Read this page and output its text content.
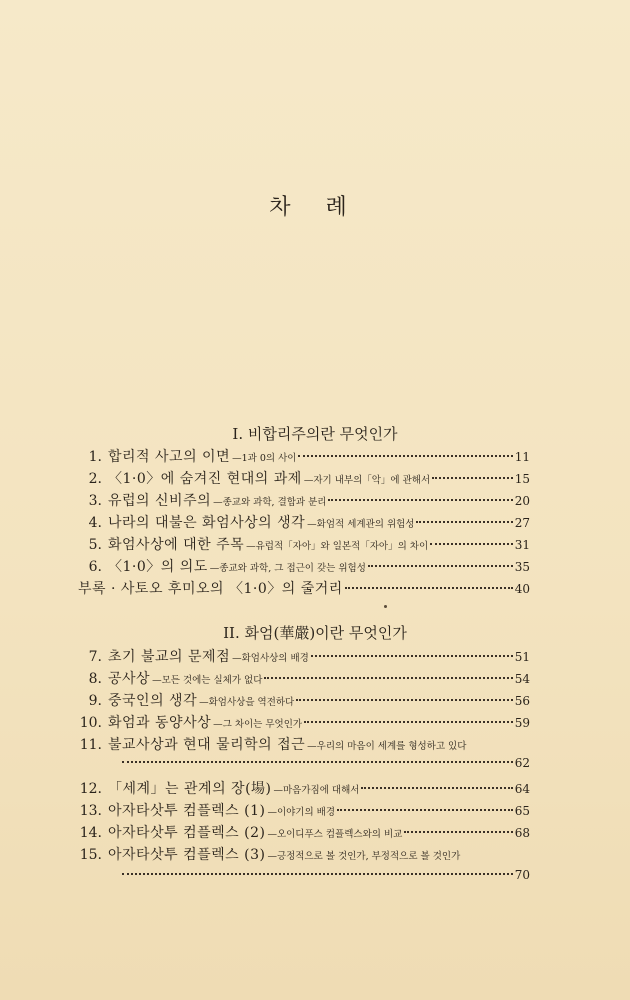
차 례
I. 비합리주의란 무엇인가
1. 합리적 사고의 이면 —1과 0의 사이	11
2. 〈1·0〉에 숨겨진 현대의 과제 —자기 내부의「악」에 관해서	15
3. 유럽의 신비주의 —종교와 과학, 결합과 분리	20
4. 나라의 대불은 화엄사상의 생각 —화엄적 세계관의 위험성	27
5. 화엄사상에 대한 주목 —유럽적「자아」와 일본적「자아」의 차이	31
6. 〈1·0〉의 의도 —종교와 과학, 그 접근이 갖는 위험성	35
부록 · 사토오 후미오의 〈1·0〉의 줄거리	40
II. 화엄(華嚴)이란 무엇인가
7. 초기 불교의 문제점 —화엄사상의 배경	51
8. 공사상 —모든 것에는 실체가 없다	54
9. 중국인의 생각 —화엄사상을 역전하다	56
10. 화엄과 동양사상 —그 차이는 무엇인가	59
11. 불교사상과 현대 물리학의 접근 —우리의 마음이 세계를 형성하고 있다
62
12. 「세계」는 관계의 장(場) —마음가짐에 대해서	64
13. 아자타삿투 컴플렉스 (1) —이야기의 배경	65
14. 아자타삿투 컴플렉스 (2) —오이디푸스 컴플렉스와의 비교	68
15. 아자타삿투 컴플렉스 (3) —긍정적으로 볼 것인가, 부정적으로 볼 것인가
70
